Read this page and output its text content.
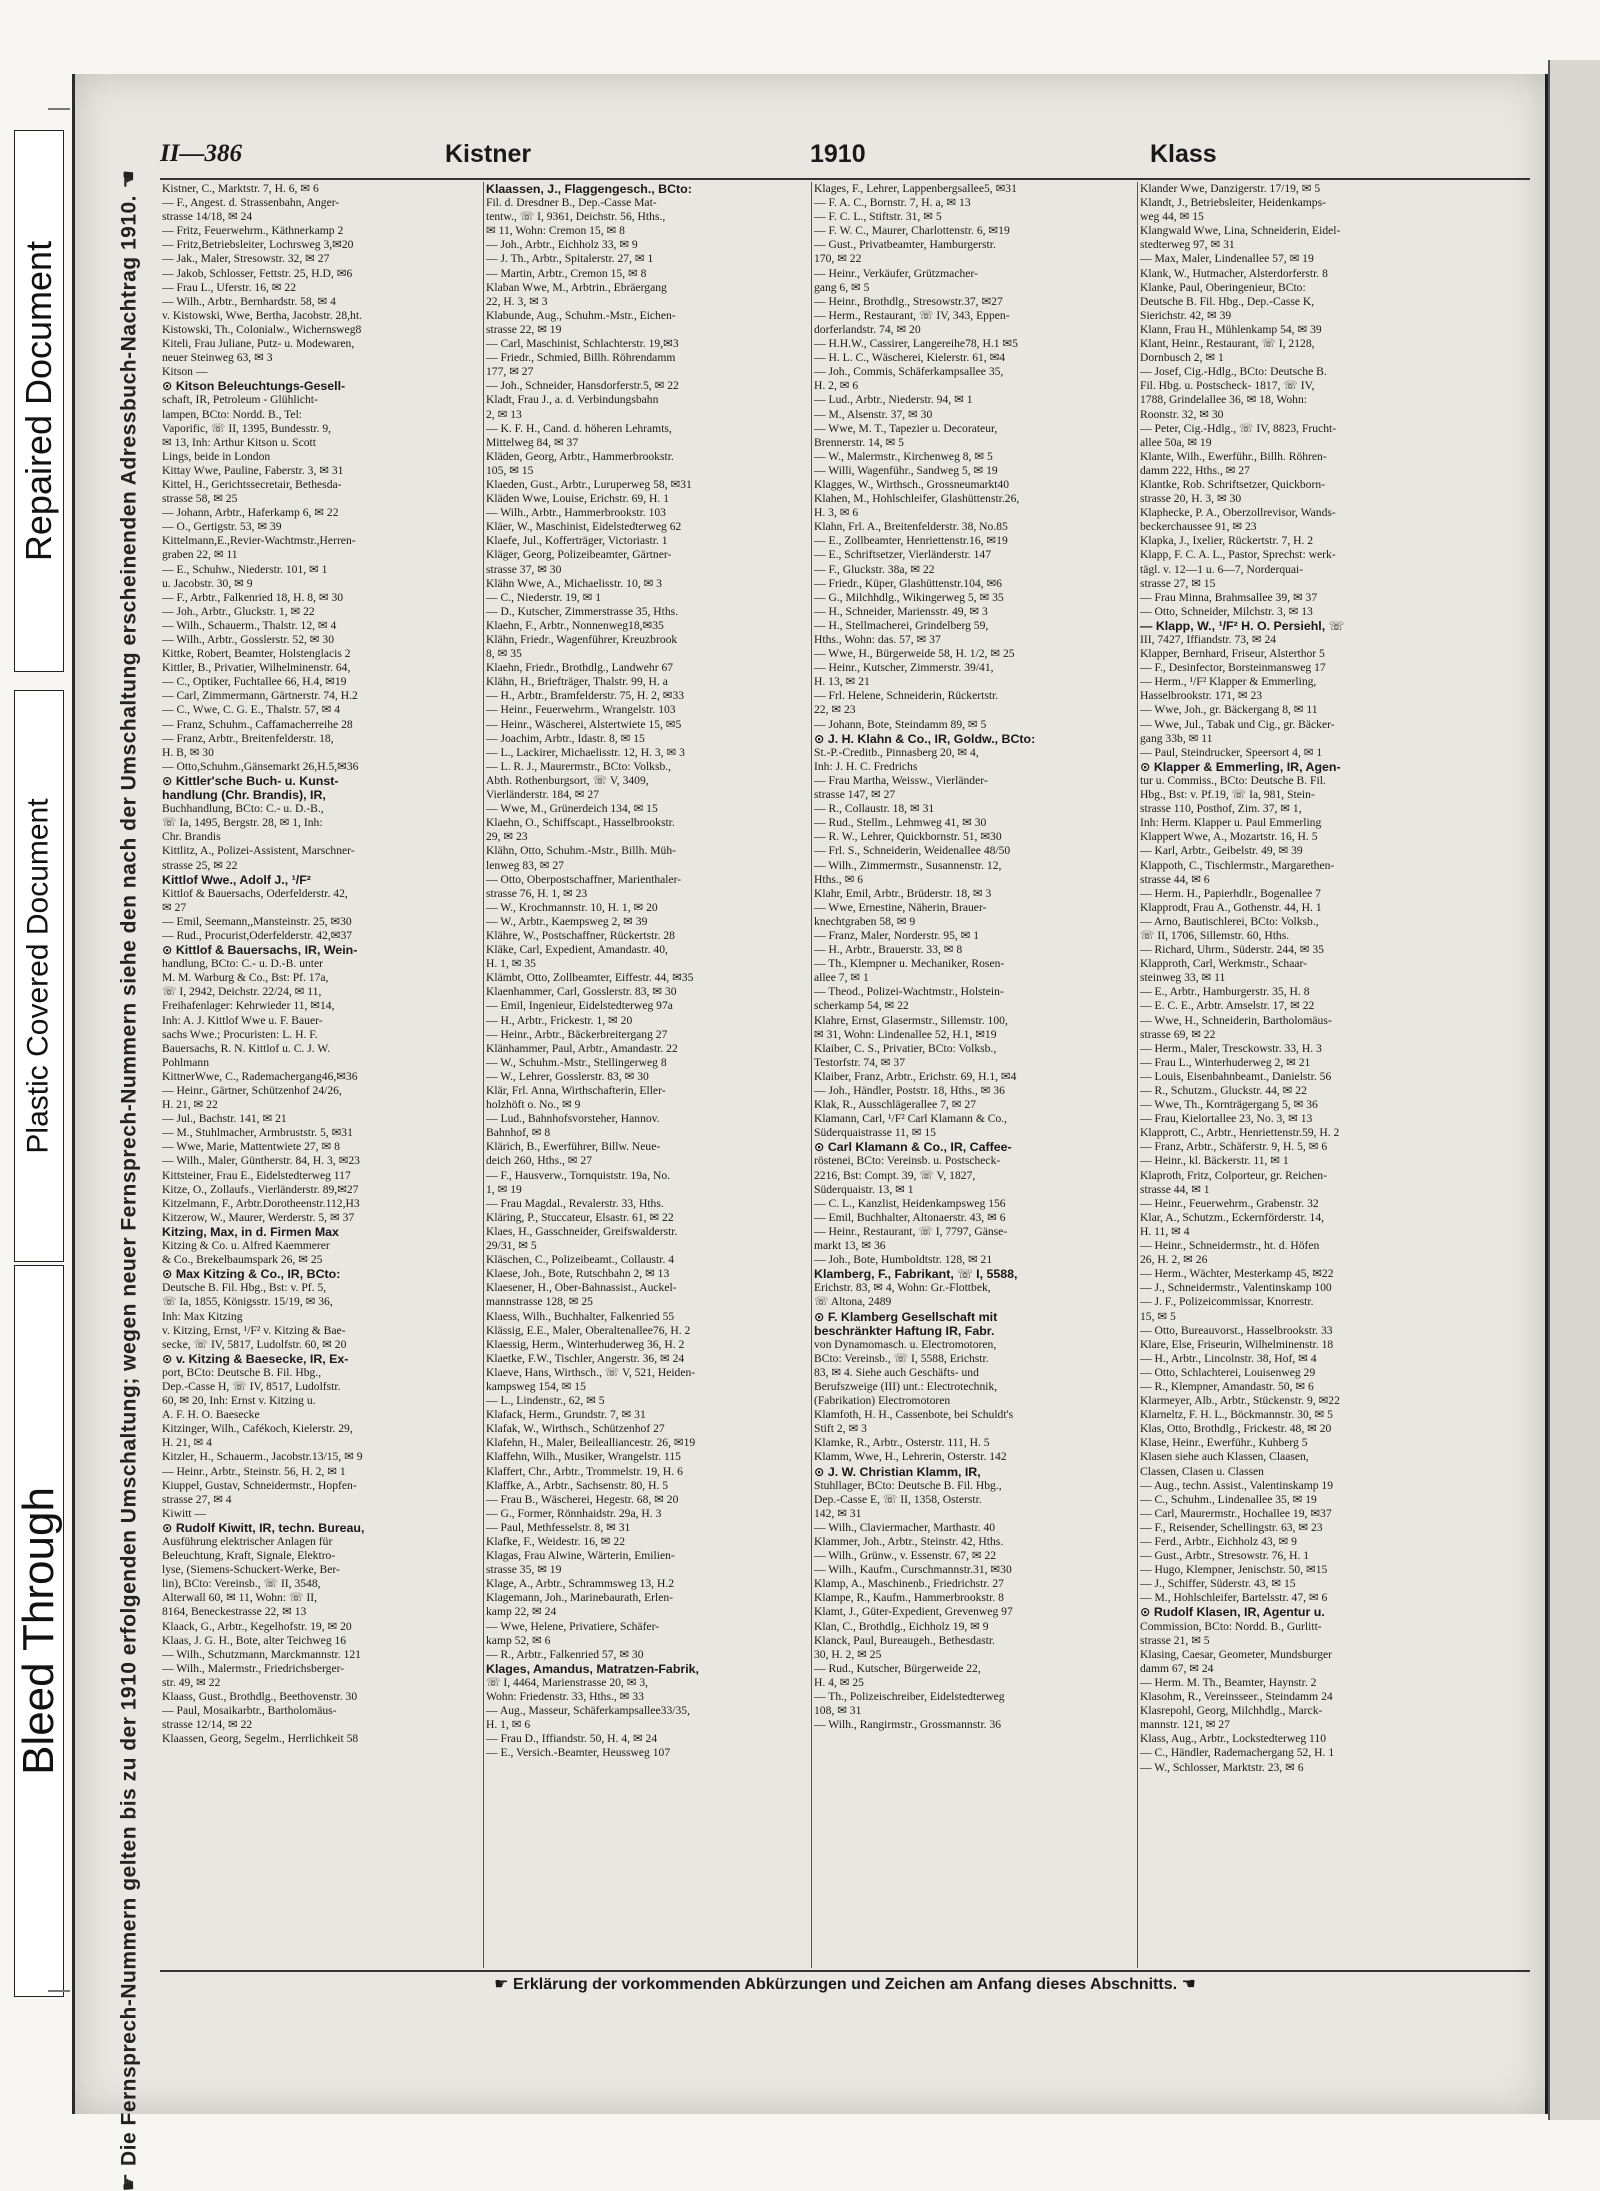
Repaired Document
Plastic Covered Document
Bleed Through	☛ Die Fernsprech-Nummern gelten bis zu der 1910 erfolgenden Umschaltung; wegen neuer Fernsprech-Nummern siehe den nach der Umschaltung erscheinenden Adressbuch-Nachtrag 1910. ☚
II—386	Kistner	1910	Klass
Kistner, C., Marktstr. 7, H. 6, ✉ 6
— F., Angest. d. Strassenbahn, Anger-
strasse 14/18, ✉ 24
— Fritz, Feuerwehrm., Käthnerkamp 2
— Fritz,Betriebsleiter, Lochrsweg 3,✉20
— Jak., Maler, Stresowstr. 32, ✉ 27
— Jakob, Schlosser, Fettstr. 25, H.D, ✉6
— Frau L., Uferstr. 16, ✉ 22
— Wilh., Arbtr., Bernhardstr. 58, ✉ 4
v. Kistowski, Wwe, Bertha, Jacobstr. 28,ht.
Kistowski, Th., Colonialw., Wichernsweg8
Kiteli, Frau Juliane, Putz- u. Modewaren,
neuer Steinweg 63, ✉ 3
Kitson —
⊙ Kitson Beleuchtungs-Gesell-
schaft, IR, Petroleum - Glühlicht-
lampen, BCto: Nordd. B., Tel:
Vaporific, ☏ II, 1395, Bundesstr. 9,
✉ 13, Inh: Arthur Kitson u. Scott
Lings, beide in London
Kittay Wwe, Pauline, Faberstr. 3, ✉ 31
Kittel, H., Gerichtssecretair, Bethesda-
strasse 58, ✉ 25
— Johann, Arbtr., Haferkamp 6, ✉ 22
— O., Gertigstr. 53, ✉ 39
Kittelmann,E.,Revier-Wachtmstr.,Herren-
graben 22, ✉ 11
— E., Schuhw., Niederstr. 101, ✉ 1
u. Jacobstr. 30, ✉ 9
— F., Arbtr., Falkenried 18, H. 8, ✉ 30
— Joh., Arbtr., Gluckstr. 1, ✉ 22
— Wilh., Schauerm., Thalstr. 12, ✉ 4
— Wilh., Arbtr., Gosslerstr. 52, ✉ 30
Kittke, Robert, Beamter, Holstenglacis 2
Kittler, B., Privatier, Wilhelminenstr. 64,
— C., Optiker, Fuchtallee 66, H.4, ✉19
— Carl, Zimmermann, Gärtnerstr. 74, H.2
— C., Wwe, C. G. E., Thalstr. 57, ✉ 4
— Franz, Schuhm., Caffamacherreihe 28
— Franz, Arbtr., Breitenfelderstr. 18,
H. B, ✉ 30
— Otto,Schuhm.,Gänsemarkt 26,H.5,✉36
⊙ Kittler'sche Buch- u. Kunst-
handlung (Chr. Brandis), IR,
Buchhandlung, BCto: C.- u. D.-B.,
☏ Ia, 1495, Bergstr. 28, ✉ 1, Inh:
Chr. Brandis
Kittlitz, A., Polizei-Assistent, Marschner-
strasse 25, ✉ 22
Kittlof Wwe., Adolf J., ¹/F²
Kittlof & Bauersachs, Oderfelderstr. 42,
✉ 27
— Emil, Seemann,,Mansteinstr. 25, ✉30
— Rud., Procurist,Oderfelderstr. 42,✉37
⊙ Kittlof & Bauersachs, IR, Wein-
handlung, BCto: C.- u. D.-B. unter
M. M. Warburg & Co., Bst: Pf. 17a,
☏ I, 2942, Deichstr. 22/24, ✉ 11,
Freihafenlager: Kehrwieder 11, ✉14,
Inh: A. J. Kittlof Wwe u. F. Bauer-
sachs Wwe.; Procuristen: L. H. F.
Bauersachs, R. N. Kittlof u. C. J. W.
Pohlmann
KittnerWwe, C., Rademachergang46,✉36
— Heinr., Gärtner, Schützenhof 24/26,
H. 21, ✉ 22
— Jul., Bachstr. 141, ✉ 21
— M., Stuhlmacher, Armbruststr. 5, ✉31
— Wwe, Marie, Mattentwiete 27, ✉ 8
— Wilh., Maler, Güntherstr. 84, H. 3, ✉23
Kittsteiner, Frau E., Eidelstedterweg 117
Kitze, O., Zollaufs., Vierländerstr. 89,✉27
Kitzelmann, F., Arbtr.Dorotheenstr.112,H3
Kitzerow, W., Maurer, Werderstr. 5, ✉ 37
Kitzing, Max, in d. Firmen Max
Kitzing & Co. u. Alfred Kaemmerer
& Co., Brekelbaumspark 26, ✉ 25
⊙ Max Kitzing & Co., IR, BCto:
Deutsche B. Fil. Hbg., Bst: v. Pf. 5,
☏ Ia, 1855, Königsstr. 15/19, ✉ 36,
Inh: Max Kitzing
v. Kitzing, Ernst, ¹/F² v. Kitzing & Bae-
secke, ☏ IV, 5817, Ludolfstr. 60, ✉ 20
⊙ v. Kitzing & Baesecke, IR, Ex-
port, BCto: Deutsche B. Fil. Hbg.,
Dep.-Casse H, ☏ IV, 8517, Ludolfstr.
60, ✉ 20, Inh: Ernst v. Kitzing u.
A. F. H. O. Baesecke
Kitzinger, Wilh., Cafékoch, Kielerstr. 29,
H. 21, ✉ 4
Kitzler, H., Schauerm., Jacobstr.13/15, ✉ 9
— Heinr., Arbtr., Steinstr. 56, H. 2, ✉ 1
Kiuppel, Gustav, Schneidermstr., Hopfen-
strasse 27, ✉ 4
Kiwitt —
⊙ Rudolf Kiwitt, IR, techn. Bureau,
Ausführung elektrischer Anlagen für
Beleuchtung, Kraft, Signale, Elektro-
lyse, (Siemens-Schuckert-Werke, Ber-
lin), BCto: Vereinsb., ☏ II, 3548,
Alterwall 60, ✉ 11, Wohn: ☏ II,
8164, Beneckestrasse 22, ✉ 13
Klaack, G., Arbtr., Kegelhofstr. 19, ✉ 20
Klaas, J. G. H., Bote, alter Teichweg 16
— Wilh., Schutzmann, Marckmannstr. 121
— Wilh., Malermstr., Friedrichsberger-
str. 49, ✉ 22
Klaass, Gust., Brothdlg., Beethovenstr. 30
— Paul, Mosaikarbtr., Bartholomäus-
strasse 12/14, ✉ 22
Klaassen, Georg, Segelm., Herrlichkeit 58
Klaassen, J., Flaggengesch., BCto:
Fil. d. Dresdner B., Dep.-Casse Mat-
tentw., ☏ I, 9361, Deichstr. 56, Hths.,
✉ 11, Wohn: Cremon 15, ✉ 8
— Joh., Arbtr., Eichholz 33, ✉ 9
— J. Th., Arbtr., Spitalerstr. 27, ✉ 1
— Martin, Arbtr., Cremon 15, ✉ 8
Klaban Wwe, M., Arbtrin., Ebräergang
22, H. 3, ✉ 3
Klabunde, Aug., Schuhm.-Mstr., Eichen-
strasse 22, ✉ 19
— Carl, Maschinist, Schlachterstr. 19,✉3
— Friedr., Schmied, Billh. Röhrendamm
177, ✉ 27
— Joh., Schneider, Hansdorferstr.5, ✉ 22
Kladt, Frau J., a. d. Verbindungsbahn
2, ✉ 13
— K. F. H., Cand. d. höheren Lehramts,
Mittelweg 84, ✉ 37
Kläden, Georg, Arbtr., Hammerbrookstr.
105, ✉ 15
Klaeden, Gust., Arbtr., Luruperweg 58, ✉31
Kläden Wwe, Louise, Erichstr. 69, H. 1
— Wilh., Arbtr., Hammerbrookstr. 103
Kläer, W., Maschinist, Eidelstedterweg 62
Klaefe, Jul., Kofferträger, Victoriastr. 1
Kläger, Georg, Polizeibeamter, Gärtner-
strasse 37, ✉ 30
Klähn Wwe, A., Michaelisstr. 10, ✉ 3
— C., Niederstr. 19, ✉ 1
— D., Kutscher, Zimmerstrasse 35, Hths.
Klaehn, F., Arbtr., Nonnenweg18,✉35
Klähn, Friedr., Wagenführer, Kreuzbrook
8, ✉ 35
Klaehn, Friedr., Brothdlg., Landwehr 67
Klähn, H., Briefträger, Thalstr. 99, H. a
— H., Arbtr., Bramfelderstr. 75, H. 2, ✉33
— Heinr., Feuerwehrm., Wrangelstr. 103
— Heinr., Wäscherei, Alstertwiete 15, ✉5
— Joachim, Arbtr., Idastr. 8, ✉ 15
— L., Lackirer, Michaelisstr. 12, H. 3, ✉ 3
— L. R. J., Maurermstr., BCto: Volksb.,
Abth. Rothenburgsort, ☏ V, 3409,
Vierländerstr. 184, ✉ 27
— Wwe, M., Grünerdeich 134, ✉ 15
Klaehn, O., Schiffscapt., Hasselbrookstr.
29, ✉ 23
Klähn, Otto, Schuhm.-Mstr., Billh. Müh-
lenweg 83, ✉ 27
— Otto, Oberpostschaffner, Marienthaler-
strasse 76, H. 1, ✉ 23
— W., Krochmannstr. 10, H. 1, ✉ 20
— W., Arbtr., Kaempsweg 2, ✉ 39
Klähre, W., Postschaffner, Rückertstr. 28
Kläke, Carl, Expedient, Amandastr. 40,
H. 1, ✉ 35
Klämbt, Otto, Zollbeamter, Eiffestr. 44, ✉35
Klaenhammer, Carl, Gosslerstr. 83, ✉ 30
— Emil, Ingenieur, Eidelstedterweg 97a
— H., Arbtr., Frickestr. 1, ✉ 20
— Heinr., Arbtr., Bäckerbreitergang 27
Klänhammer, Paul, Arbtr., Amandastr. 22
— W., Schuhm.-Mstr., Stellingerweg 8
— W., Lehrer, Gosslerstr. 83, ✉ 30
Klär, Frl. Anna, Wirthschafterin, Eller-
holzhöft o. No., ✉ 9
— Lud., Bahnhofsvorsteher, Hannov.
Bahnhof, ✉ 8
Klärich, B., Ewerführer, Billw. Neue-
deich 260, Hths., ✉ 27
— F., Hausverw., Tornquiststr. 19a, No.
1, ✉ 19
— Frau Magdal., Revalerstr. 33, Hths.
Kläring, P., Stuccateur, Elsastr. 61, ✉ 22
Klaes, H., Gasschneider, Greifswalderstr.
29/31, ✉ 5
Kläschen, C., Polizeibeamt., Collaustr. 4
Klaese, Joh., Bote, Rutschbahn 2, ✉ 13
Klaesener, H., Ober-Bahnassist., Auckel-
mannstrasse 128, ✉ 25
Klaess, Wilh., Buchhalter, Falkenried 55
Klässig, E.E., Maler, Oberaltenallee76, H. 2
Klaessig, Herm., Winterhuderweg 36, H. 2
Klaetke, F.W., Tischler, Angerstr. 36, ✉ 24
Klaeve, Hans, Wirthsch., ☏ V, 521, Heiden-
kampsweg 154, ✉ 15
— L., Lindenstr., 62, ✉ 5
Klafack, Herm., Grundstr. 7, ✉ 31
Klafak, W., Wirthsch., Schützenhof 27
Klafehn, H., Maler, Beilealliancestr. 26, ✉19
Klaffehn, Wilh., Musiker, Wrangelstr. 115
Klaffert, Chr., Arbtr., Trommelstr. 19, H. 6
Klaffke, A., Arbtr., Sachsenstr. 80, H. 5
— Frau B., Wäscherei, Hegestr. 68, ✉ 20
— G., Former, Rönnhaidstr. 29a, H. 3
— Paul, Methfesselstr. 8, ✉ 31
Klafke, F., Weidestr. 16, ✉ 22
Klagas, Frau Alwine, Wärterin, Emilien-
strasse 35, ✉ 19
Klage, A., Arbtr., Schrammsweg 13, H.2
Klagemann, Joh., Marinebaurath, Erlen-
kamp 22, ✉ 24
— Wwe, Helene, Privatiere, Schäfer-
kamp 52, ✉ 6
— R., Arbtr., Falkenried 57, ✉ 30
Klages, Amandus, Matratzen-Fabrik,
☏ I, 4464, Marienstrasse 20, ✉ 3,
Wohn: Friedenstr. 33, Hths., ✉ 33
— Aug., Masseur, Schäferkampsallee33/35,
H. 1, ✉ 6
— Frau D., Iffiandstr. 50, H. 4, ✉ 24
— E., Versich.-Beamter, Heussweg 107
Klages, F., Lehrer, Lappenbergsallee5, ✉31
— F. A. C., Bornstr. 7, H. a, ✉ 13
— F. C. L., Stiftstr. 31, ✉ 5
— F. W. C., Maurer, Charlottenstr. 6, ✉19
— Gust., Privatbeamter, Hamburgerstr.
170, ✉ 22
— Heinr., Verkäufer, Grützmacher-
gang 6, ✉ 5
— Heinr., Brothdlg., Stresowstr.37, ✉27
— Herm., Restaurant, ☏ IV, 343, Eppen-
dorferlandstr. 74, ✉ 20
— H.H.W., Cassirer, Langereihe78, H.1 ✉5
— H. L. C., Wäscherei, Kielerstr. 61, ✉4
— Joh., Commis, Schäferkampsallee 35,
H. 2, ✉ 6
— Lud., Arbtr., Niederstr. 94, ✉ 1
— M., Alsenstr. 37, ✉ 30
— Wwe, M. T., Tapezier u. Decorateur,
Brennerstr. 14, ✉ 5
— W., Malermstr., Kirchenweg 8, ✉ 5
— Willi, Wagenführ., Sandweg 5, ✉ 19
Klagges, W., Wirthsch., Grossneumarkt40
Klahen, M., Hohlschleifer, Glashüttenstr.26,
H. 3, ✉ 6
Klahn, Frl. A., Breitenfelderstr. 38, No.85
— E., Zollbeamter, Henriettenstr.16, ✉19
— E., Schriftsetzer, Vierländerstr. 147
— F., Gluckstr. 38a, ✉ 22
— Friedr., Küper, Glashüttenstr.104, ✉6
— G., Milchhdlg., Wikingerweg 5, ✉ 35
— H., Schneider, Mariensstr. 49, ✉ 3
— H., Stellmacherei, Grindelberg 59,
Hths., Wohn: das. 57, ✉ 37
— Wwe, H., Bürgerweide 58, H. 1/2, ✉ 25
— Heinr., Kutscher, Zimmerstr. 39/41,
H. 13, ✉ 21
— Frl. Helene, Schneiderin, Rückertstr.
22, ✉ 23
— Johann, Bote, Steindamm 89, ✉ 5
⊙ J. H. Klahn & Co., IR, Goldw., BCto:
St.-P.-Creditb., Pinnasberg 20, ✉ 4,
Inh: J. H. C. Fredrichs
— Frau Martha, Weissw., Vierländer-
strasse 147, ✉ 27
— R., Collaustr. 18, ✉ 31
— Rud., Stellm., Lehmweg 41, ✉ 30
— R. W., Lehrer, Quickbornstr. 51, ✉30
— Frl. S., Schneiderin, Weidenallee 48/50
— Wilh., Zimmermstr., Susannenstr. 12,
Hths., ✉ 6
Klahr, Emil, Arbtr., Brüderstr. 18, ✉ 3
— Wwe, Ernestine, Näherin, Brauer-
knechtgraben 58, ✉ 9
— Franz, Maler, Norderstr. 95, ✉ 1
— H., Arbtr., Brauerstr. 33, ✉ 8
— Th., Klempner u. Mechaniker, Rosen-
allee 7, ✉ 1
— Theod., Polizei-Wachtmstr., Holstein-
scherkamp 54, ✉ 22
Klahre, Ernst, Glasermstr., Sillemstr. 100,
✉ 31, Wohn: Lindenallee 52, H.1, ✉19
Klaiber, C. S., Privatier, BCto: Volksb.,
Testorfstr. 74, ✉ 37
Klaiber, Franz, Arbtr., Erichstr. 69, H.1, ✉4
— Joh., Händler, Poststr. 18, Hths., ✉ 36
Klak, R., Ausschlägerallee 7, ✉ 27
Klamann, Carl, ¹/F² Carl Klamann & Co.,
Süderquaistrasse 11, ✉ 15
⊙ Carl Klamann & Co., IR, Caffee-
röstenei, BCto: Vereinsb. u. Postscheck-
2216, Bst: Compt. 39, ☏ V, 1827,
Süderquaistr. 13, ✉ 1
— C. L., Kanzlist, Heidenkampsweg 156
— Emil, Buchhalter, Altonaerstr. 43, ✉ 6
— Heinr., Restaurant, ☏ I, 7797, Gänse-
markt 13, ✉ 36
— Joh., Bote, Humboldtstr. 128, ✉ 21
Klamberg, F., Fabrikant, ☏ I, 5588,
Erichstr. 83, ✉ 4, Wohn: Gr.-Flottbek,
☏ Altona, 2489
⊙ F. Klamberg Gesellschaft mit
beschränkter Haftung IR, Fabr.
von Dynamomasch. u. Electromotoren,
BCto: Vereinsb., ☏ I, 5588, Erichstr.
83, ✉ 4. Siehe auch Geschäfts- und
Berufszweige (III) unt.: Electrotechnik,
(Fabrikation) Electromotoren
Klamfoth, H. H., Cassenbote, bei Schuldt's
Stift 2, ✉ 3
Klamke, R., Arbtr., Osterstr. 111, H. 5
Klamm, Wwe, H., Lehrerin, Osterstr. 142
⊙ J. W. Christian Klamm, IR,
Stuhllager, BCto: Deutsche B. Fil. Hbg.,
Dep.-Casse E, ☏ II, 1358, Osterstr.
142, ✉ 31
— Wilh., Claviermacher, Marthastr. 40
Klammer, Joh., Arbtr., Steinstr. 42, Hths.
— Wilh., Grünw., v. Essenstr. 67, ✉ 22
— Wilh., Kaufm., Curschmannstr.31, ✉30
Klamp, A., Maschinenb., Friedrichstr. 27
Klampe, R., Kaufm., Hammerbrookstr. 8
Klamt, J., Güter-Expedient, Grevenweg 97
Klan, C., Brothdlg., Eichholz 19, ✉ 9
Klanck, Paul, Bureaugeh., Bethesdastr.
30, H. 2, ✉ 25
— Rud., Kutscher, Bürgerweide 22,
H. 4, ✉ 25
— Th., Polizeischreiber, Eidelstedterweg
108, ✉ 31
— Wilh., Rangirmstr., Grossmannstr. 36
Klander Wwe, Danzigerstr. 17/19, ✉ 5
Klandt, J., Betriebsleiter, Heidenkamps-
weg 44, ✉ 15
Klangwald Wwe, Lina, Schneiderin, Eidel-
stedterweg 97, ✉ 31
— Max, Maler, Lindenallee 57, ✉ 19
Klank, W., Hutmacher, Alsterdorferstr. 8
Klanke, Paul, Oberingenieur, BCto:
Deutsche B. Fil. Hbg., Dep.-Casse K,
Sierichstr. 42, ✉ 39
Klann, Frau H., Mühlenkamp 54, ✉ 39
Klant, Heinr., Restaurant, ☏ I, 2128,
Dornbusch 2, ✉ 1
— Josef, Cig.-Hdlg., BCto: Deutsche B.
Fil. Hbg. u. Postscheck- 1817, ☏ IV,
1788, Grindelallee 36, ✉ 18, Wohn:
Roonstr. 32, ✉ 30
— Peter, Cig.-Hdlg., ☏ IV, 8823, Frucht-
allee 50a, ✉ 19
Klante, Wilh., Ewerführ., Billh. Röhren-
damm 222, Hths., ✉ 27
Klantke, Rob. Schriftsetzer, Quickborn-
strasse 20, H. 3, ✉ 30
Klaphecke, P. A., Oberzollrevisor, Wands-
beckerchaussee 91, ✉ 23
Klapka, J., Ixelier, Rückertstr. 7, H. 2
Klapp, F. C. A. L., Pastor, Sprechst: werk-
tägl. v. 12—1 u. 6—7, Norderquai-
strasse 27, ✉ 15
— Frau Minna, Brahmsallee 39, ✉ 37
— Otto, Schneider, Milchstr. 3, ✉ 13
— Klapp, W., ¹/F² H. O. Persiehl, ☏
III, 7427, Iffiandstr. 73, ✉ 24
Klapper, Bernhard, Friseur, Alsterthor 5
— F., Desinfector, Borsteinmansweg 17
— Herm., ¹/F² Klapper & Emmerling,
Hasselbrookstr. 171, ✉ 23
— Wwe, Joh., gr. Bäckergang 8, ✉ 11
— Wwe, Jul., Tabak und Cig., gr. Bäcker-
gang 33b, ✉ 11
— Paul, Steindrucker, Speersort 4, ✉ 1
⊙ Klapper & Emmerling, IR, Agen-
tur u. Commiss., BCto: Deutsche B. Fil.
Hbg., Bst: v. Pf.19, ☏ Ia, 981, Stein-
strasse 110, Posthof, Zim. 37, ✉ 1,
Inh: Herm. Klapper u. Paul Emmerling
Klappert Wwe, A., Mozartstr. 16, H. 5
— Karl, Arbtr., Geibelstr. 49, ✉ 39
Klappoth, C., Tischlermstr., Margarethen-
strasse 44, ✉ 6
— Herm. H., Papierhdlr., Bogenallee 7
Klapprodt, Frau A., Gothenstr. 44, H. 1
— Arno, Bautischlerei, BCto: Volksb.,
☏ II, 1706, Sillemstr. 60, Hths.
— Richard, Uhrm., Süderstr. 244, ✉ 35
Klapproth, Carl, Werkmstr., Schaar-
steinweg 33, ✉ 11
— E., Arbtr., Hamburgerstr. 35, H. 8
— E. C. E., Arbtr. Amselstr. 17, ✉ 22
— Wwe, H., Schneiderin, Bartholomäus-
strasse 69, ✉ 22
— Herm., Maler, Tresckowstr. 33, H. 3
— Frau L., Winterhuderweg 2, ✉ 21
— Louis, Eisenbahnbeamt., Danielstr. 56
— R., Schutzm., Gluckstr. 44, ✉ 22
— Wwe, Th., Kornträgergang 5, ✉ 36
— Frau, Kielortallee 23, No. 3, ✉ 13
Klapprott, C., Arbtr., Henriettenstr.59, H. 2
— Franz, Arbtr., Schäferstr. 9, H. 5, ✉ 6
— Heinr., kl. Bäckerstr. 11, ✉ 1
Klaproth, Fritz, Colporteur, gr. Reichen-
strasse 44, ✉ 1
— Heinr., Feuerwehrm., Grabenstr. 32
Klar, A., Schutzm., Eckernförderstr. 14,
H. 11, ✉ 4
— Heinr., Schneidermstr., ht. d. Höfen
26, H. 2, ✉ 26
— Herm., Wächter, Mesterkamp 45, ✉22
— J., Schneidermstr., Valentinskamp 100
— J. F., Polizeicommissar, Knorrestr.
15, ✉ 5
— Otto, Bureauvorst., Hasselbrookstr. 33
Klare, Else, Friseurin, Wilhelminenstr. 18
— H., Arbtr., Lincolnstr. 38, Hof, ✉ 4
— Otto, Schlachterei, Louisenweg 29
— R., Klempner, Amandastr. 50, ✉ 6
Klarmeyer, Alb., Arbtr., Stückenstr. 9, ✉22
Klarneltz, F. H. L., Böckmannstr. 30, ✉ 5
Klas, Otto, Brothdlg., Frickestr. 48, ✉ 20
Klase, Heinr., Ewerführ., Kuhberg 5
Klasen siehe auch Klassen, Claasen,
Classen, Clasen u. Classen
— Aug., techn. Assist., Valentinskamp 19
— C., Schuhm., Lindenallee 35, ✉ 19
— Carl, Maurermstr., Hochallee 19, ✉37
— F., Reisender, Schellingstr. 63, ✉ 23
— Ferd., Arbtr., Eichholz 43, ✉ 9
— Gust., Arbtr., Stresowstr. 76, H. 1
— Hugo, Klempner, Jenischstr. 50, ✉15
— J., Schiffer, Süderstr. 43, ✉ 15
— M., Hohlschleifer, Bartelsstr. 47, ✉ 6
⊙ Rudolf Klasen, IR, Agentur u.
Commission, BCto: Nordd. B., Gurlitt-
strasse 21, ✉ 5
Klasing, Caesar, Geometer, Mundsburger
damm 67, ✉ 24
— Herm. M. Th., Beamter, Haynstr. 2
Klasohm, R., Vereinsseer., Steindamm 24
Klasrepohl, Georg, Milchhdlg., Marck-
mannstr. 121, ✉ 27
Klass, Aug., Arbtr., Lockstedterweg 110
— C., Händler, Rademachergang 52, H. 1
— W., Schlosser, Marktstr. 23, ✉ 6
☛ Erklärung der vorkommenden Abkürzungen und Zeichen am Anfang dieses Abschnitts. ☚
